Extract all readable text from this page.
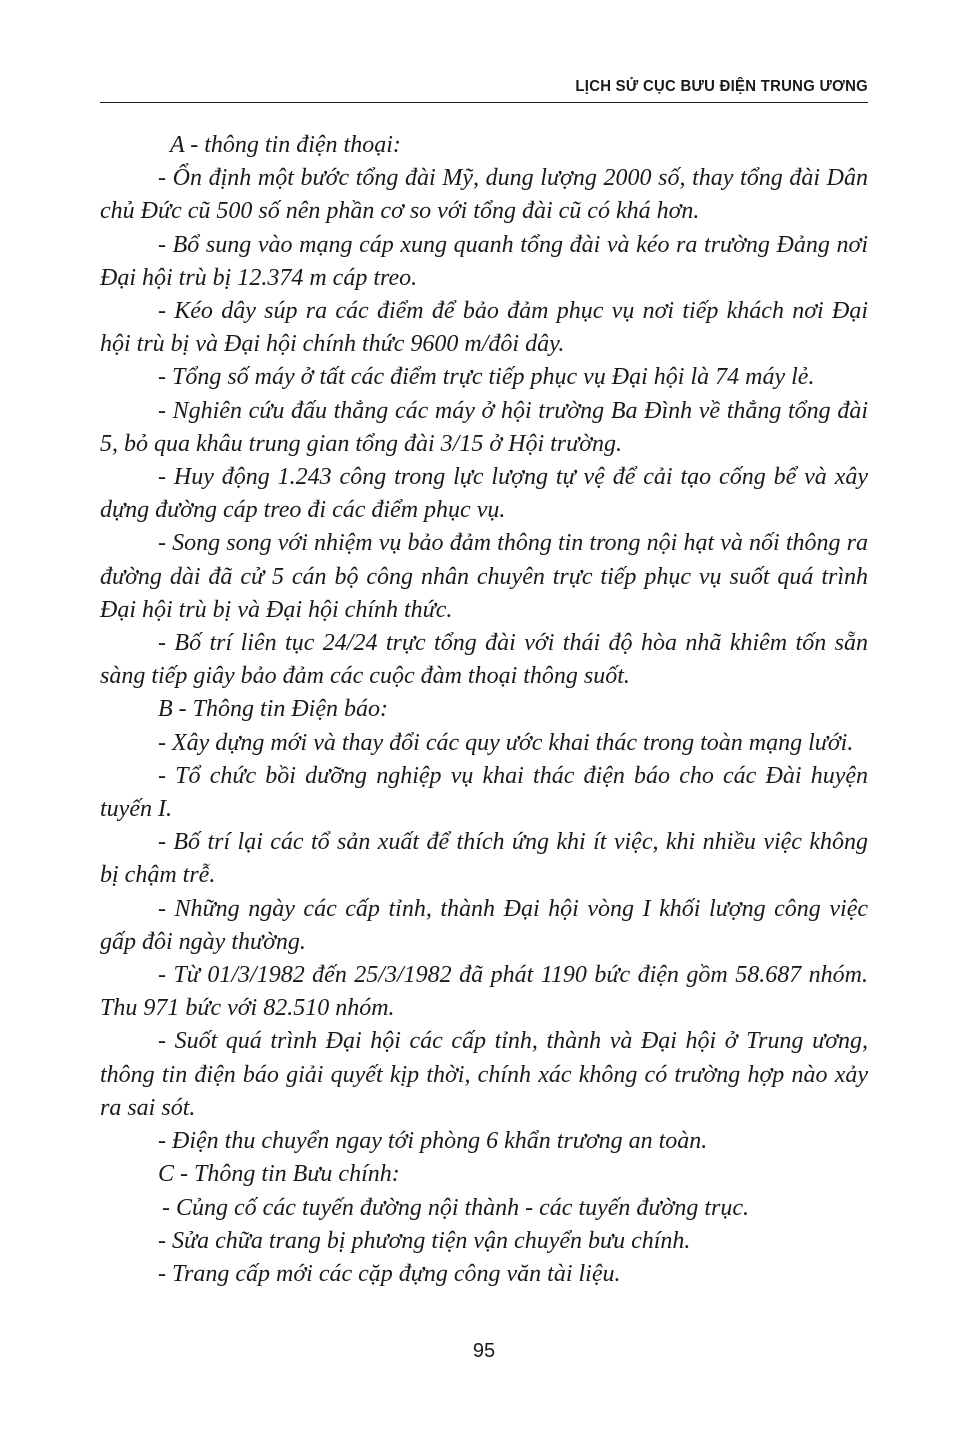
LỊCH SỬ CỤC BƯU ĐIỆN TRUNG ƯƠNG

A - thông tin điện thoại:

- Ổn định một bước tổng đài Mỹ, dung lượng 2000 số, thay tổng đài Dân chủ Đức cũ 500 số nên phần cơ so với tổng đài cũ có khá hơn.

- Bổ sung vào mạng cáp xung quanh tổng đài và kéo ra trường Đảng nơi Đại hội trù bị 12.374 m cáp treo.

- Kéo dây súp ra các điểm để bảo đảm phục vụ nơi tiếp khách nơi Đại hội trù bị và Đại hội chính thức 9600 m/đôi dây.

- Tổng số máy ở tất các điểm trực tiếp phục vụ Đại hội là 74 máy lẻ.

- Nghiên cứu đấu thẳng các máy ở hội trường Ba Đình về thẳng tổng đài 5, bỏ qua khâu trung gian tổng đài 3/15 ở Hội trường.

- Huy động 1.243 công trong lực lượng tự vệ để cải tạo cống bể và xây dựng đường cáp treo đi các điểm phục vụ.

- Song song với nhiệm vụ bảo đảm thông tin trong nội hạt và nối thông ra đường dài đã cử 5 cán bộ công nhân chuyên trực tiếp phục vụ suốt quá trình Đại hội trù bị và Đại hội chính thức.

- Bố trí liên tục 24/24 trực tổng đài với thái độ hòa nhã khiêm tốn sẵn sàng tiếp giây bảo đảm các cuộc đàm thoại thông suốt.

B - Thông tin Điện báo:

- Xây dựng mới và thay đổi các quy ước khai thác trong toàn mạng lưới.

- Tổ chức bồi dưỡng nghiệp vụ khai thác điện báo cho các Đài huyện tuyến I.

- Bố trí lại các tổ sản xuất để thích ứng khi ít việc, khi nhiều việc không bị chậm trễ.

- Những ngày các cấp tỉnh, thành Đại hội vòng I khối lượng công việc gấp đôi ngày thường.

- Từ 01/3/1982 đến 25/3/1982 đã phát 1190 bức điện gồm 58.687 nhóm. Thu 971 bức với 82.510 nhóm.

- Suốt quá trình Đại hội các cấp tỉnh, thành và Đại hội ở Trung ương, thông tin điện báo giải quyết kịp thời, chính xác không có trường hợp nào xảy ra sai sót.

- Điện thu chuyển ngay tới phòng 6 khẩn trương an toàn.

C - Thông tin Bưu chính:

- Củng cố các tuyến đường nội thành - các tuyến đường trục.

- Sửa chữa trang bị phương tiện vận chuyển bưu chính.

- Trang cấp mới các cặp đựng công văn tài liệu.

95
